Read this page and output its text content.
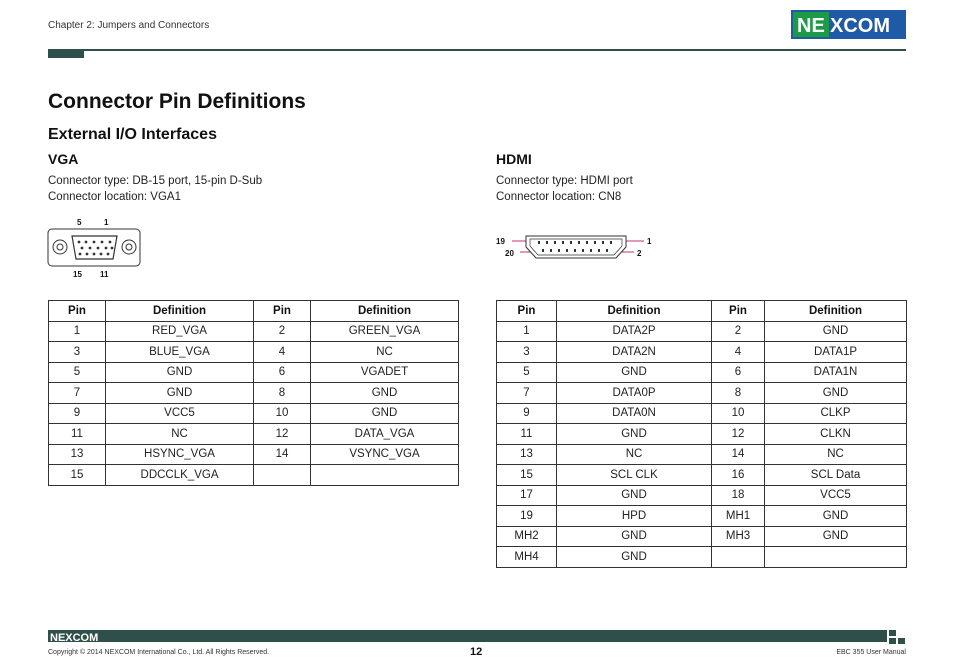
Chapter 2: Jumpers and Connectors	NE XCOM
Connector Pin Definitions
External I/O Interfaces
VGA
Connector type: DB-15 port, 15-pin D-Sub
Connector location: VGA1
5	1
15 11
Pin	Definition	Pin	Definition
1	RED_VGA	2	GREEN_VGA
3	BLUE_VGA	4	NC
5	GND	6	VGADET
7	GND	8	GND
9	VCC5	10	GND
11	NC	12	DATA_VGA
13	HSYNC_VGA	14	VSYNC_VGA
15	DDCCLK_VGA		
HDMI
Connector type: HDMI port
Connector location: CN8
19	1
20	2
Pin	Definition	Pin	Definition
1	DATA2P	2	GND
3	DATA2N	4	DATA1P
5	GND	6	DATA1N
7	DATA0P	8	GND
9	DATA0N	10	CLKP
11	GND	12	CLKN
13	NC	14	NC
15	SCL CLK	16	SCL Data
17	GND	18	VCC5
19	HPD	MH1	GND
MH2	GND	MH3	GND
MH4	GND		
NEXCOM
Copyright © 2014 NEXCOM International Co., Ltd. All Rights Reserved.	12	EBC 355 User Manual
